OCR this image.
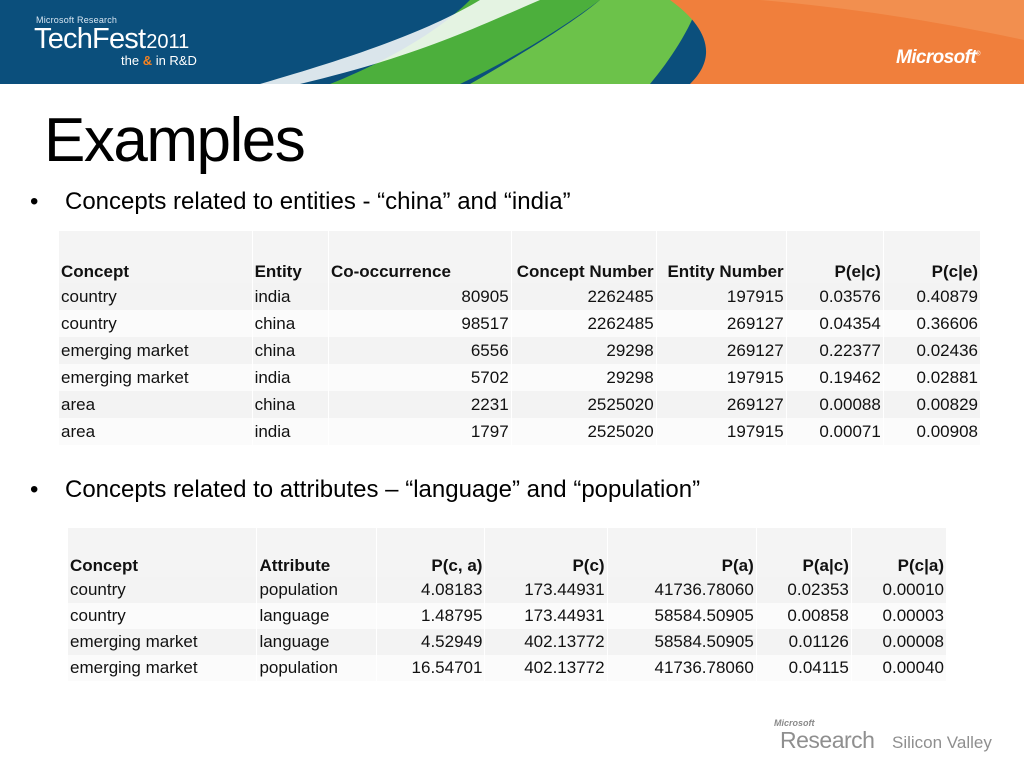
Microsoft Research
TechFest2011
the & in R&D	Microsoft®
Examples
• Concepts related to entities - “china” and “india”
Concept	Entity	Co-occurrence	Concept Number	Entity Number	P(e|c)	P(c|e)
country	india	80905	2262485	197915	0.03576	0.40879
country	china	98517	2262485	269127	0.04354	0.36606
emerging market	china	6556	29298	269127	0.22377	0.02436
emerging market	india	5702	29298	197915	0.19462	0.02881
area	china	2231	2525020	269127	0.00088	0.00829
area	india	1797	2525020	197915	0.00071	0.00908
• Concepts related to attributes – “language” and “population”
Concept	Attribute	P(c, a)	P(c)	P(a)	P(a|c)	P(c|a)
country	population	4.08183	173.44931	41736.78060	0.02353	0.00010
country	language	1.48795	173.44931	58584.50905	0.00858	0.00003
emerging market	language	4.52949	402.13772	58584.50905	0.01126	0.00008
emerging market	population	16.54701	402.13772	41736.78060	0.04115	0.00040
Microsoft
Research Silicon Valley
